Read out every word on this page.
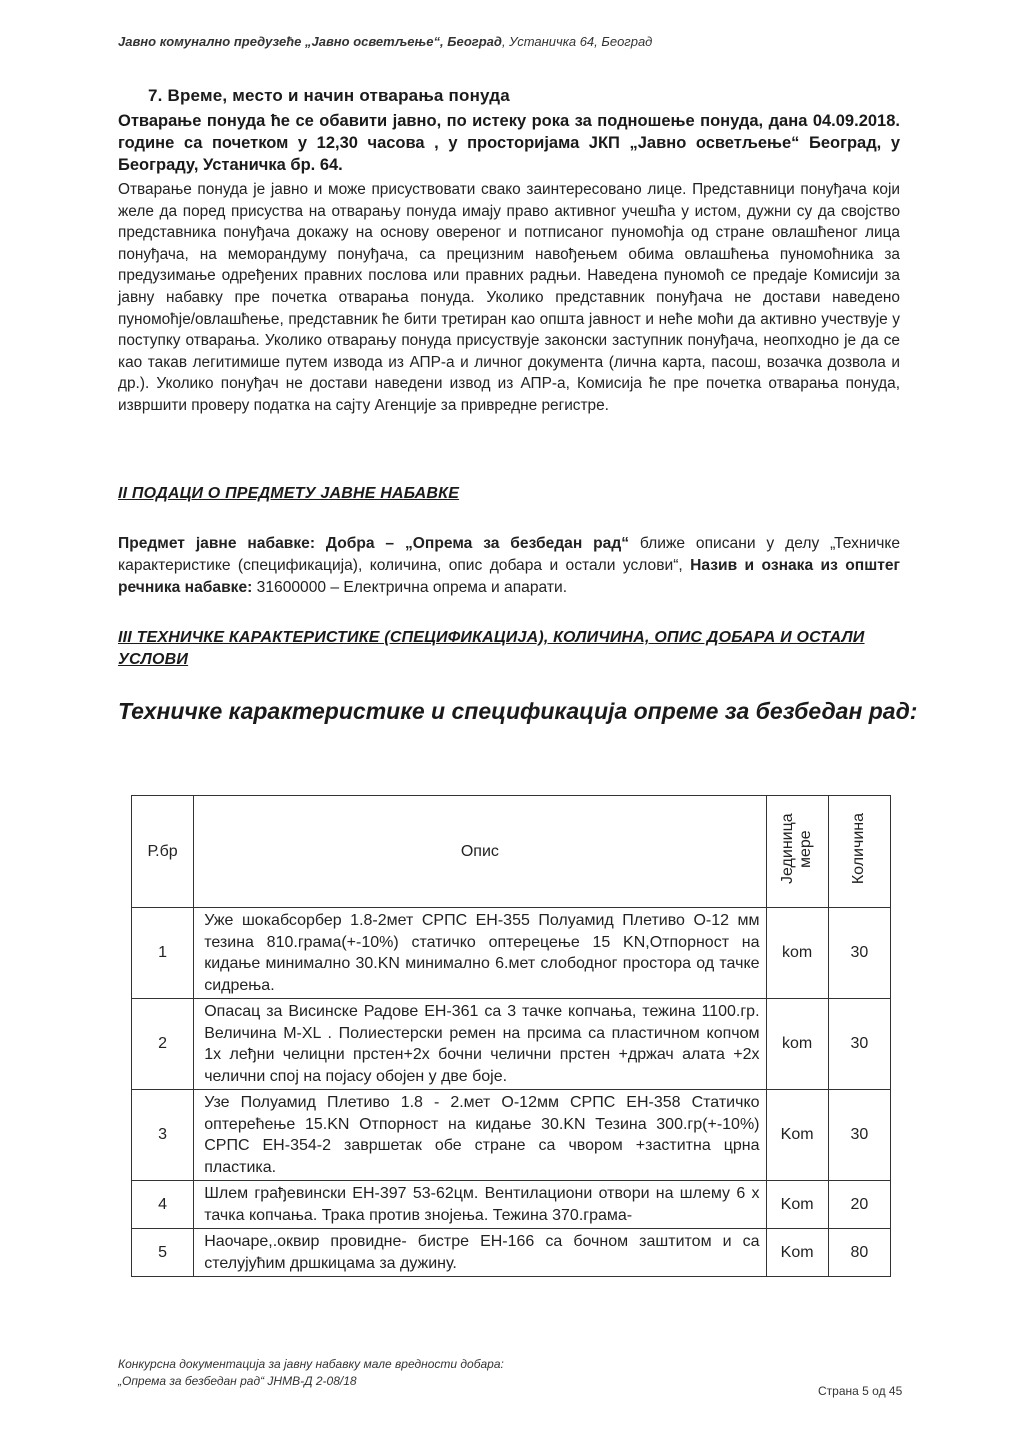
Јавно комунално предузеће „Јавно осветљење“, Београд, Устаничка 64, Београд
7. Време, место и начин отварања понуда
Отварање понуда ће се обавити јавно, по истеку рока за подношење понуда, дана 04.09.2018. године са почетком у 12,30 часова , у просторијама ЈКП „Јавно осветљење“ Београд, у Београду, Устаничка бр. 64.
Отварање понуда је јавно и може присуствовати свако заинтересовано лице. Представници понуђача који желе да поред присуства на отварању понуда имају право активног учешћа у истом, дужни су да својство представника понуђача докажу на основу овереног и потписаног пуномоћја од стране овлашћеног лица понуђача, на меморандуму понуђача, са прецизним навођењем обима овлашћења пуномоћника за предузимање одређених правних послова или правних радњи. Наведена пуномоћ се предаје Комисији за јавну набавку пре почетка отварања понуда. Уколико представник понуђача не достави наведено пуномоћје/овлашћење, представник ће бити третиран као општа јавност и неће моћи да активно учествује у поступку отварања. Уколико отварању понуда присуствује законски заступник понуђача, неопходно је да се као такав легитимише путем извода из АПР-а и личног документа (лична карта, пасош, возачка дозвола и др.). Уколико понуђач не достави наведени извод из АПР-а, Комисија ће пре почетка отварања понуда, извршити проверу податка на сајту Агенције за привредне регистре.
II ПОДАЦИ О ПРЕДМЕТУ ЈАВНЕ НАБАВКЕ
Предмет јавне набавке: Добра – „Опрема за безбедан рад“ ближе описани у делу „Техничке карактеристике (спецификација), количина, опис добара и остали услови“, Назив и ознака из општег речника набавке: 31600000 – Електрична опрема и апарати.
III ТЕХНИЧКЕ КАРАКТЕРИСТИКЕ (СПЕЦИФИКАЦИЈА), КОЛИЧИНА, ОПИС ДОБАРА И ОСТАЛИ УСЛОВИ
Техничке карактеристике и спецификација опреме за безбедан рад:
Р.бр	Опис	Јединица мере	Количина
1	Уже шокабсорбер 1.8-2мет СРПС ЕН-355 Полуамид Плетиво О-12 мм тезина 810.грама(+-10%) статичко оптерецење 15 KN,Отпорност на кидање минимално 30.KN минимално 6.мет слободног простора од тачке сидрења.	kom	30
2	Опасац за Висинске Радове ЕН-361 са 3 тачке копчања, тежина 1100.гр. Величина M-XL . Полиестерски ремен на прсима са пластичном копчом 1х леђни челицни прстен+2х бочни челични прстен +држач алата +2х челични спој на појасу обојен у две боје.	kom	30
3	Узе Полуамид Плетиво 1.8 - 2.мет О-12мм СРПС ЕН-358 Статичко оптерећење 15.KN Отпорност на кидање 30.KN Тезина 300.гр(+-10%) СРПС ЕН-354-2 завршетак обе стране са чвором +заститна црна пластика.	Kom	30
4	Шлем грађевински ЕН-397 53-62цм. Вентилациони отвори на шлему 6 х тачка копчања. Трака против знојења. Тежина 370.грама-	Kom	20
5	Наочаре,.оквир провидне- бистре ЕН-166 са бочном заштитом и са стелујућим дршкицама за дужину.	Kom	80
Конкурсна документација за јавну набавку мале вредности добара:
„Опрема за безбедан рад“ ЈНМВ-Д 2-08/18
Страна 5 од 45
